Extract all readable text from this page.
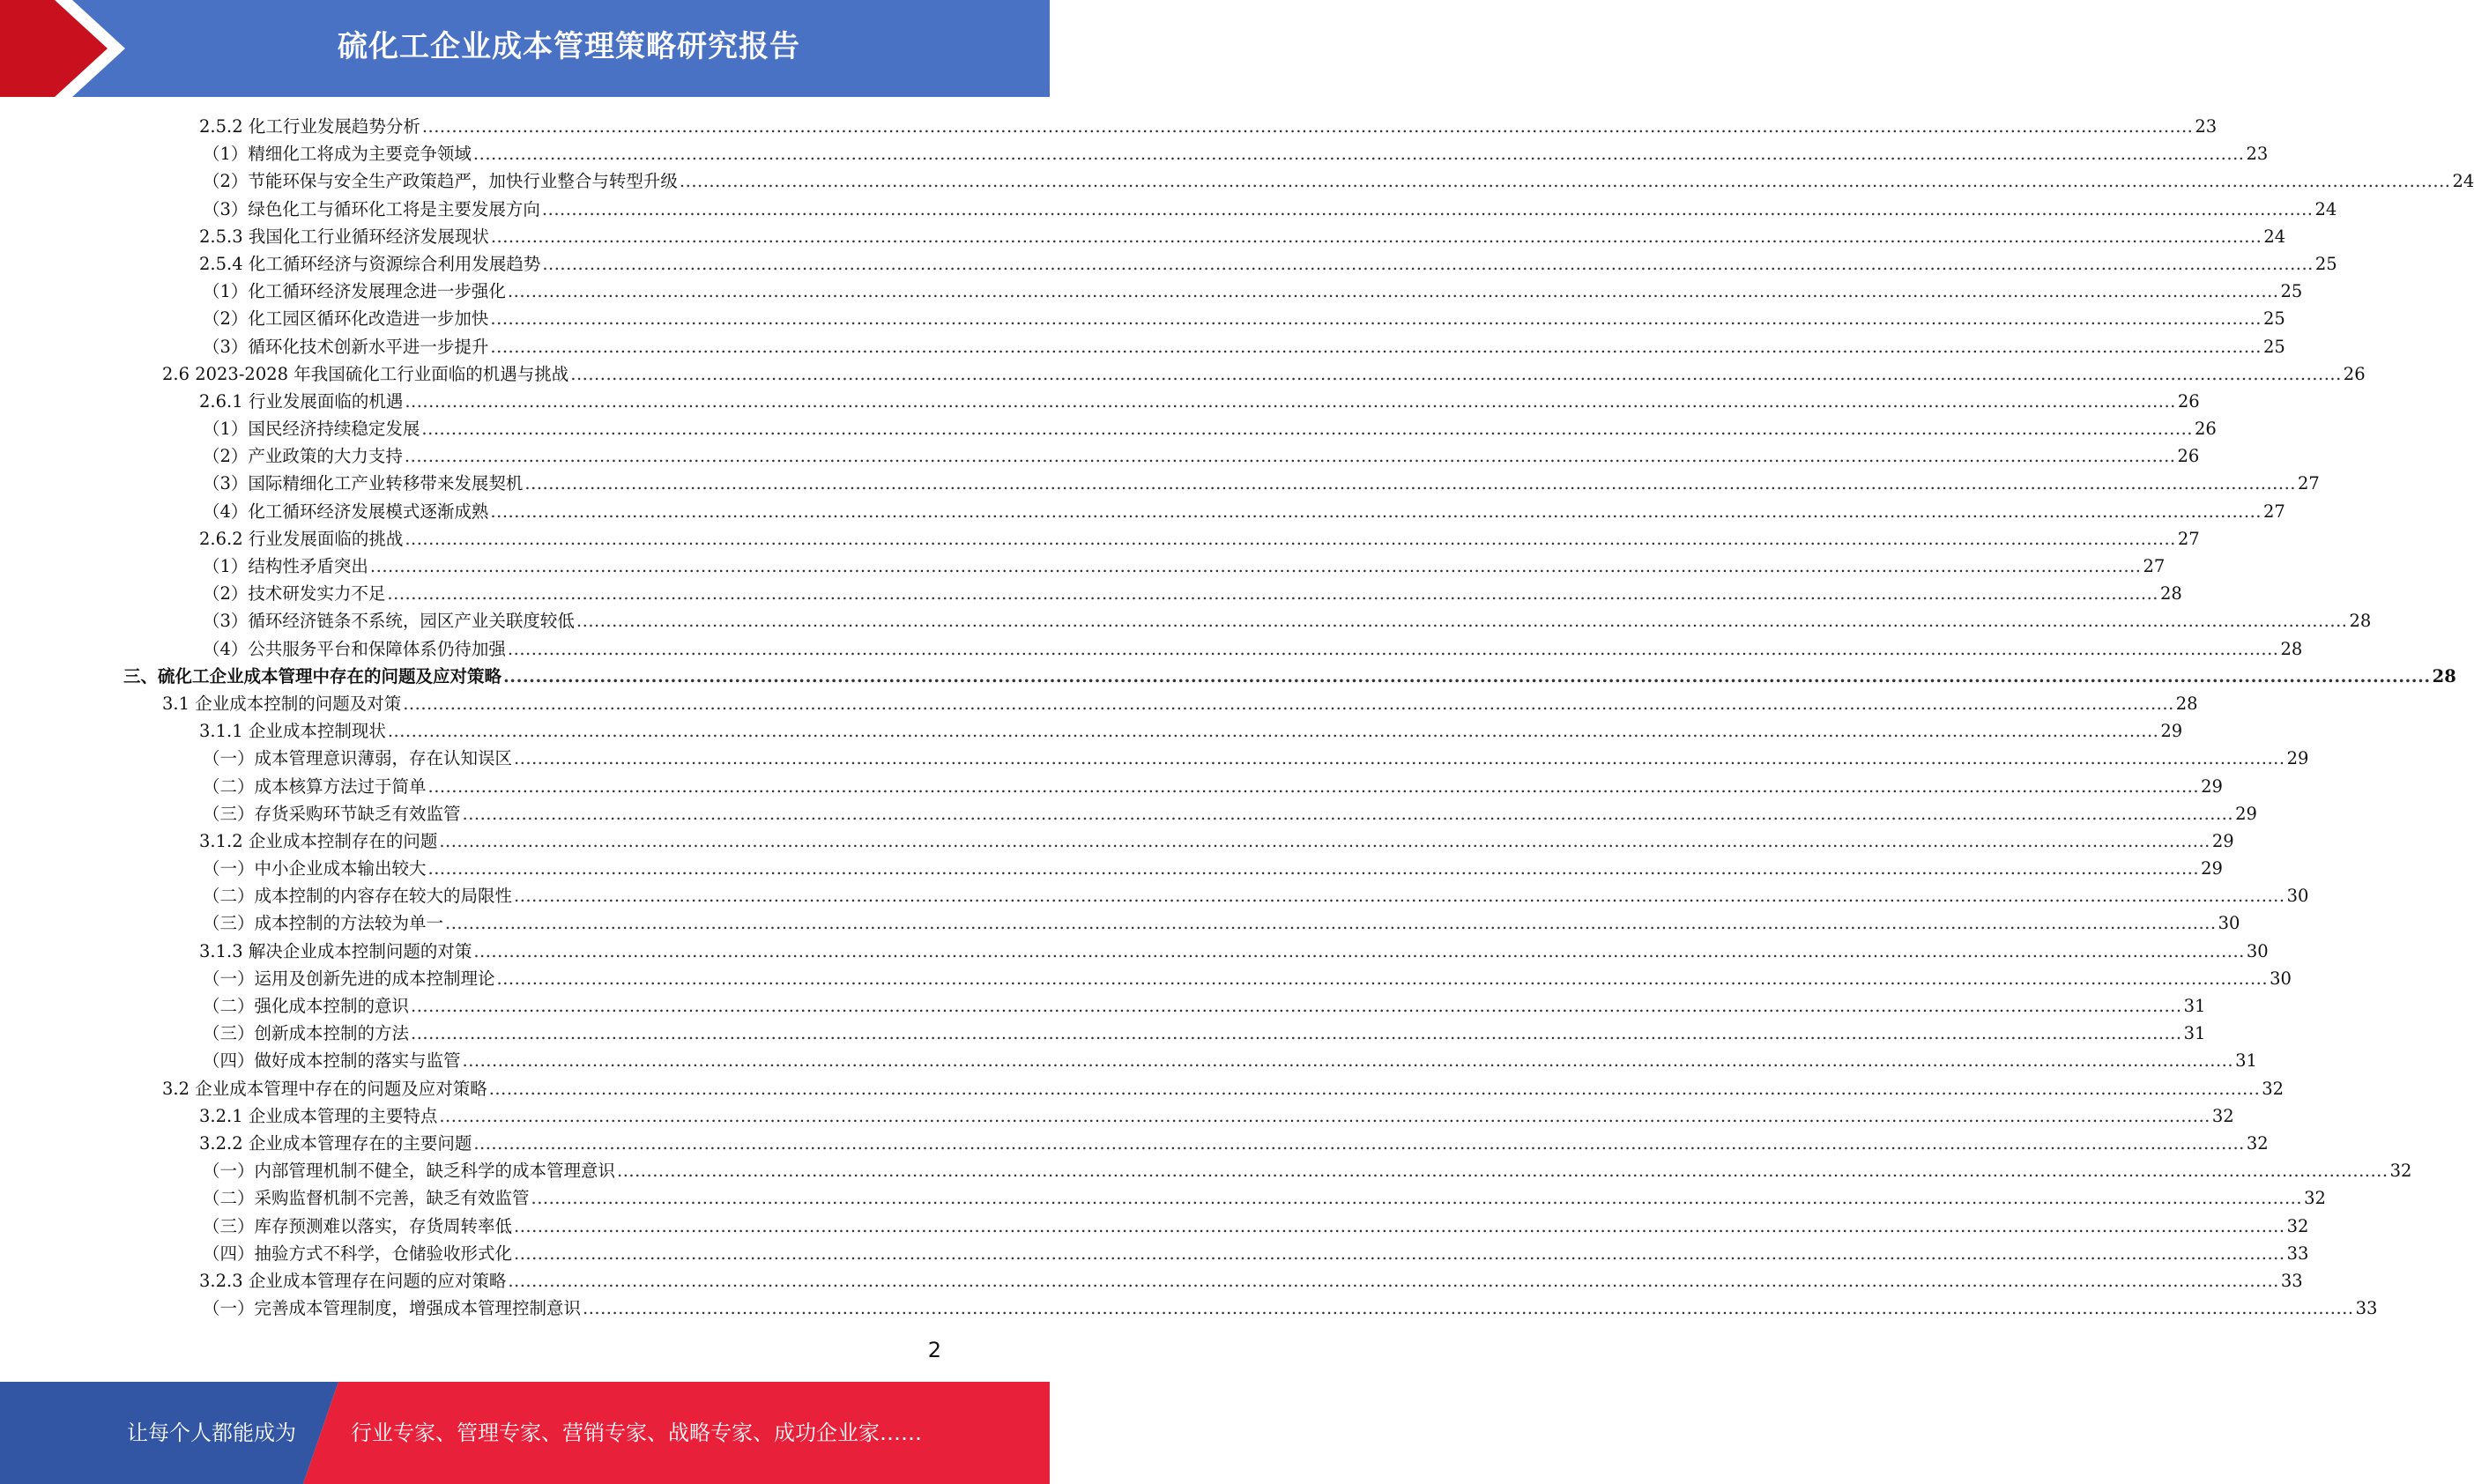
硫化工企业成本管理策略研究报告
2.5.2 化工行业发展趋势分析 ............................................................................................................................................................................................................................................................................................................ 23
（1）精细化工将成为主要竞争领域 ............................................................................................................................................................................................................................................................................................................ 23
（2）节能环保与安全生产政策趋严，加快行业整合与转型升级 ............................................................................................................................................................................................................................................................................................................ 24
（3）绿色化工与循环化工将是主要发展方向 ............................................................................................................................................................................................................................................................................................................ 24
2.5.3 我国化工行业循环经济发展现状 ............................................................................................................................................................................................................................................................................................................ 24
2.5.4 化工循环经济与资源综合利用发展趋势 ............................................................................................................................................................................................................................................................................................................ 25
（1）化工循环经济发展理念进一步强化 ............................................................................................................................................................................................................................................................................................................ 25
（2）化工园区循环化改造进一步加快 ............................................................................................................................................................................................................................................................................................................ 25
（3）循环化技术创新水平进一步提升 ............................................................................................................................................................................................................................................................................................................ 25
2.6 2023-2028 年我国硫化工行业面临的机遇与挑战 ............................................................................................................................................................................................................................................................................................................ 26
2.6.1 行业发展面临的机遇 ............................................................................................................................................................................................................................................................................................................ 26
（1）国民经济持续稳定发展 ............................................................................................................................................................................................................................................................................................................ 26
（2）产业政策的大力支持 ............................................................................................................................................................................................................................................................................................................ 26
（3）国际精细化工产业转移带来发展契机 ............................................................................................................................................................................................................................................................................................................ 27
（4）化工循环经济发展模式逐渐成熟 ............................................................................................................................................................................................................................................................................................................ 27
2.6.2 行业发展面临的挑战 ............................................................................................................................................................................................................................................................................................................ 27
（1）结构性矛盾突出 ............................................................................................................................................................................................................................................................................................................ 27
（2）技术研发实力不足 ............................................................................................................................................................................................................................................................................................................ 28
（3）循环经济链条不系统，园区产业关联度较低 ............................................................................................................................................................................................................................................................................................................ 28
（4）公共服务平台和保障体系仍待加强 ............................................................................................................................................................................................................................................................................................................ 28
三、硫化工企业成本管理中存在的问题及应对策略 ............................................................................................................................................................................................................................................................................................................ 28
3.1 企业成本控制的问题及对策 ............................................................................................................................................................................................................................................................................................................ 28
3.1.1 企业成本控制现状 ............................................................................................................................................................................................................................................................................................................ 29
（一）成本管理意识薄弱，存在认知误区 ............................................................................................................................................................................................................................................................................................................ 29
（二）成本核算方法过于简单 ............................................................................................................................................................................................................................................................................................................ 29
（三）存货采购环节缺乏有效监管 ............................................................................................................................................................................................................................................................................................................ 29
3.1.2 企业成本控制存在的问题 ............................................................................................................................................................................................................................................................................................................ 29
（一）中小企业成本输出较大 ............................................................................................................................................................................................................................................................................................................ 29
（二）成本控制的内容存在较大的局限性 ............................................................................................................................................................................................................................................................................................................ 30
（三）成本控制的方法较为单一 ............................................................................................................................................................................................................................................................................................................ 30
3.1.3 解决企业成本控制问题的对策 ............................................................................................................................................................................................................................................................................................................ 30
（一）运用及创新先进的成本控制理论 ............................................................................................................................................................................................................................................................................................................ 30
（二）强化成本控制的意识 ............................................................................................................................................................................................................................................................................................................ 31
（三）创新成本控制的方法 ............................................................................................................................................................................................................................................................................................................ 31
（四）做好成本控制的落实与监管 ............................................................................................................................................................................................................................................................................................................ 31
3.2 企业成本管理中存在的问题及应对策略 ............................................................................................................................................................................................................................................................................................................ 32
3.2.1 企业成本管理的主要特点 ............................................................................................................................................................................................................................................................................................................ 32
3.2.2 企业成本管理存在的主要问题 ............................................................................................................................................................................................................................................................................................................ 32
（一）内部管理机制不健全，缺乏科学的成本管理意识 ............................................................................................................................................................................................................................................................................................................ 32
（二）采购监督机制不完善，缺乏有效监管 ............................................................................................................................................................................................................................................................................................................ 32
（三）库存预测难以落实，存货周转率低 ............................................................................................................................................................................................................................................................................................................ 32
（四）抽验方式不科学，仓储验收形式化 ............................................................................................................................................................................................................................................................................................................ 33
3.2.3 企业成本管理存在问题的应对策略 ............................................................................................................................................................................................................................................................................................................ 33
（一）完善成本管理制度，增强成本管理控制意识 ............................................................................................................................................................................................................................................................................................................ 33
2
让每个人都能成为	行业专家、管理专家、营销专家、战略专家、成功企业家……
